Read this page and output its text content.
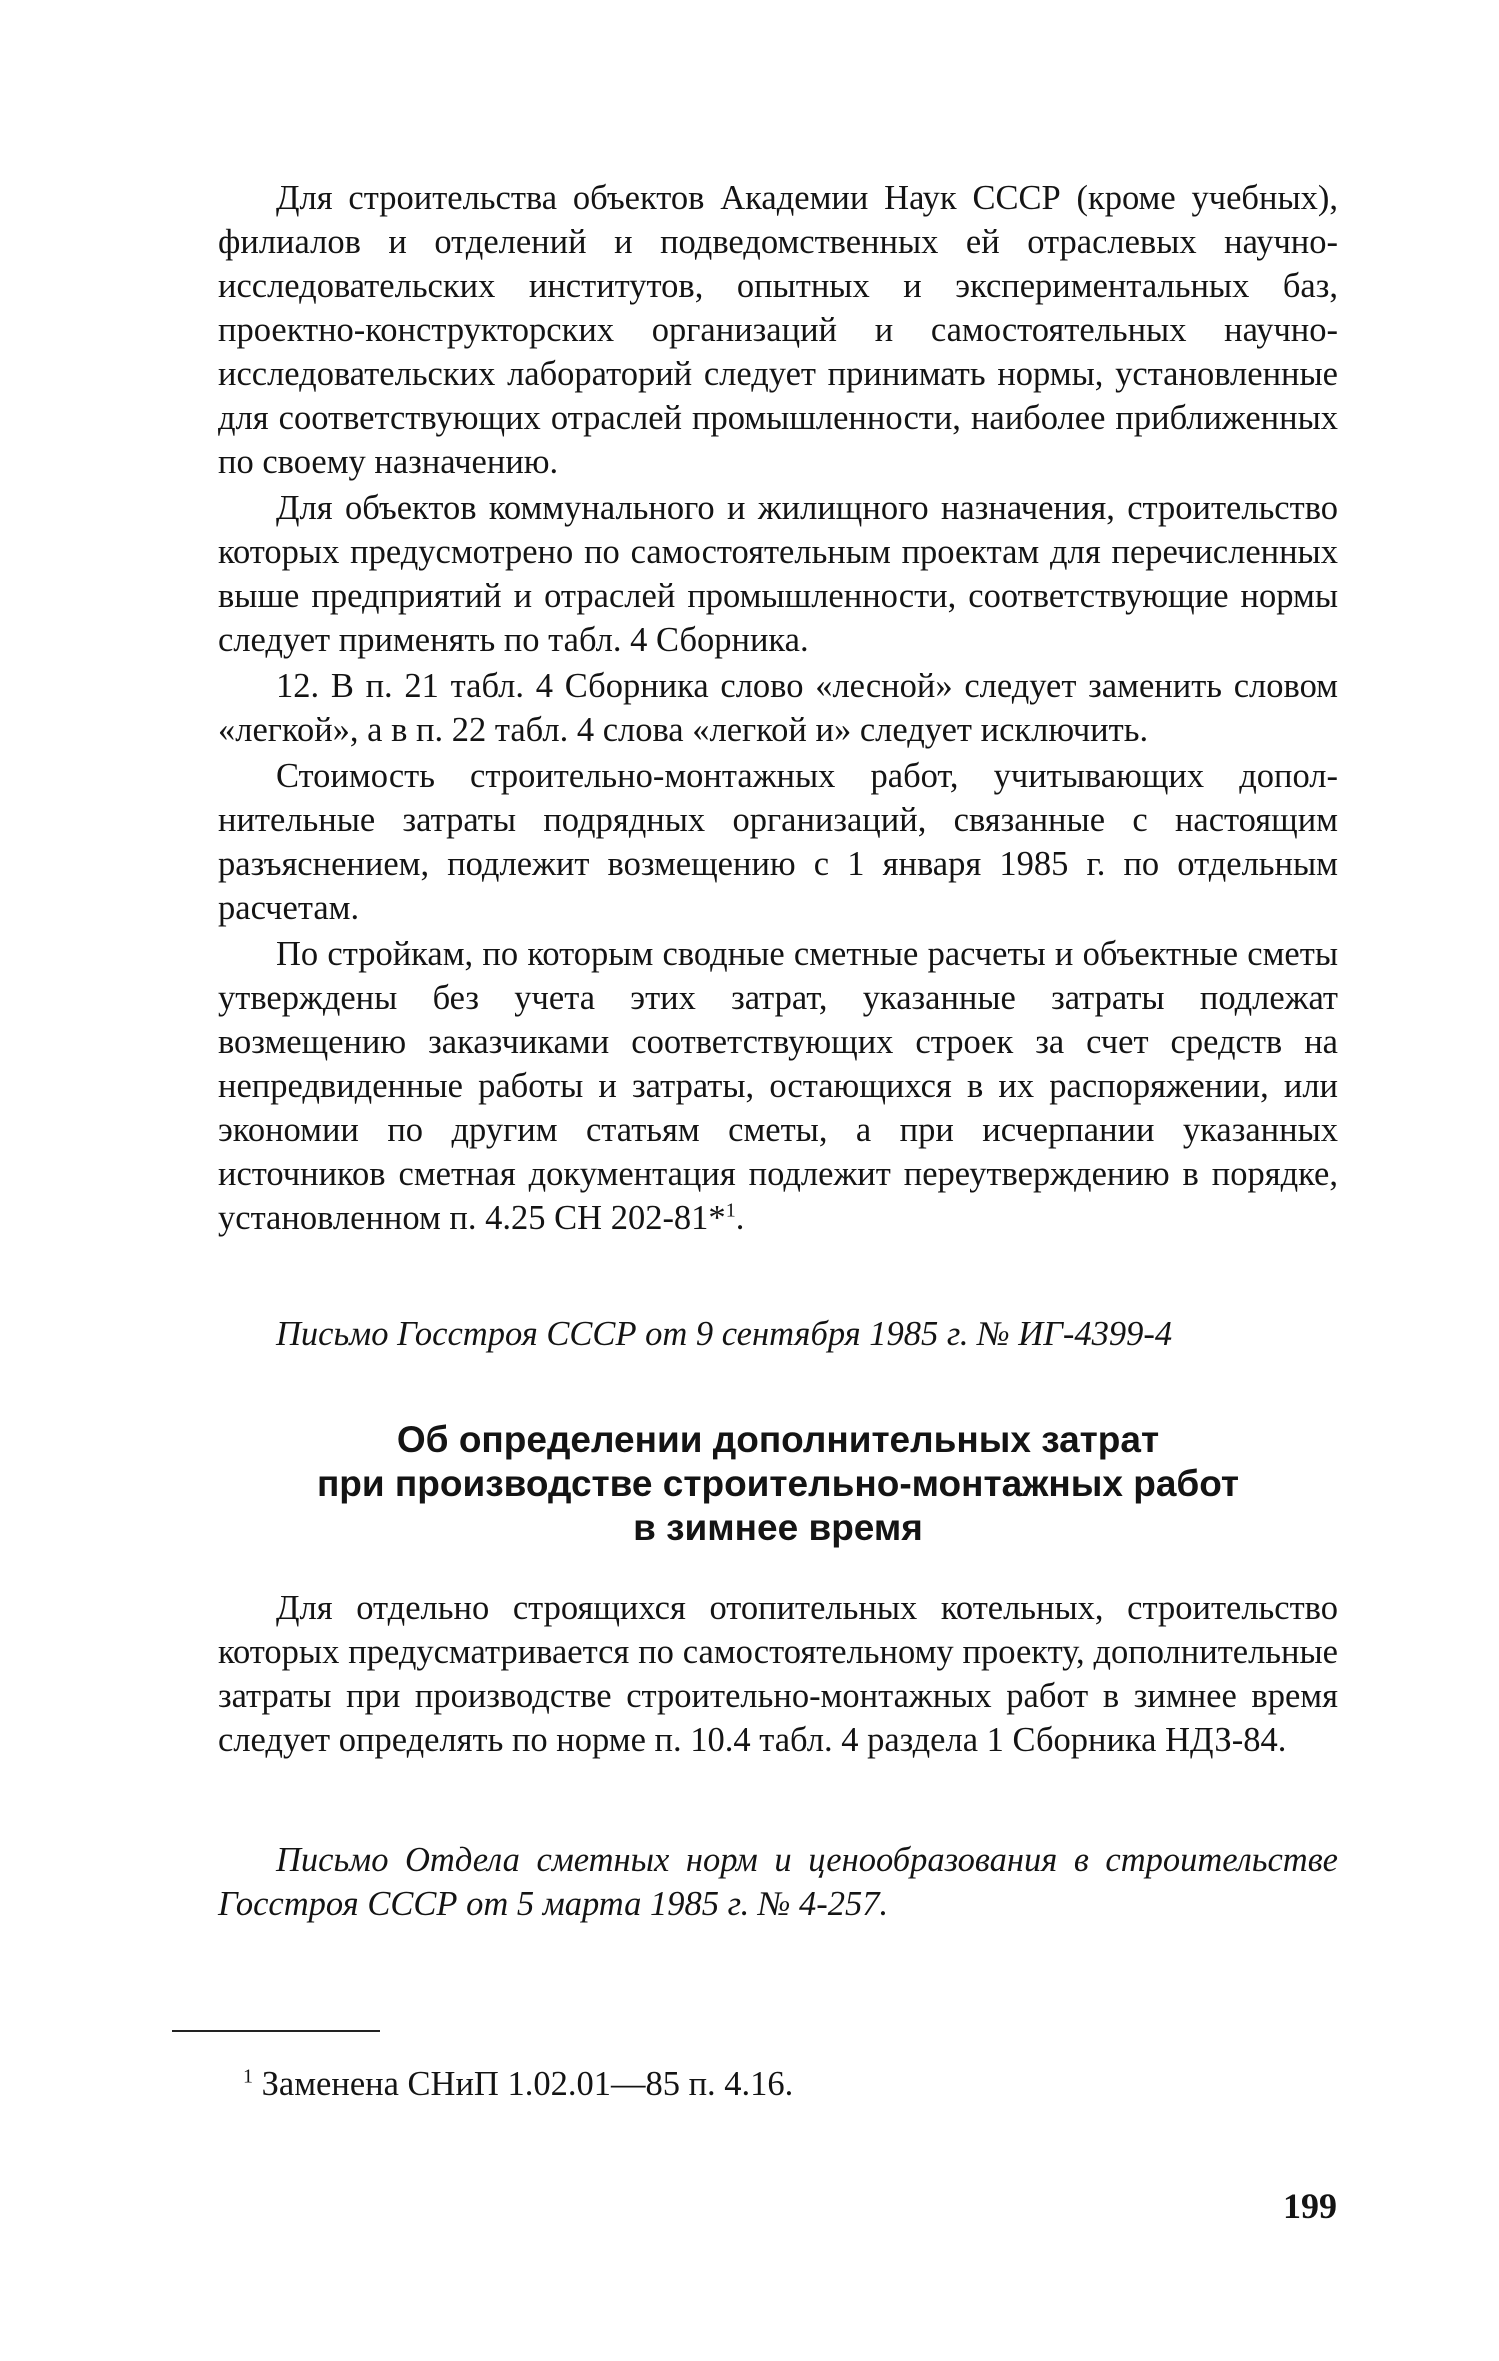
Для строительства объектов Академии Наук СССР (кроме учебных), филиалов и отделений и подведомственных ей отраслевых научно-исследовательских институтов, опытных и экспериментальных баз, проектно-конструкторских организаций и самостоятельных научно-исследовательских лабораторий следует принимать нормы, установленные для соответствующих отраслей промышленности, наиболее приближенных по своему назначению.

Для объектов коммунального и жилищного назначения, строительство которых предусмотрено по самостоятельным проектам для перечисленных выше предприятий и отраслей промышленности, соответствующие нормы следует применять по табл. 4 Сборника.

12. В п. 21 табл. 4 Сборника слово «лесной» следует заменить словом «легкой», а в п. 22 табл. 4 слова «легкой и» следует исключить.

Стоимость строительно-монтажных работ, учитывающих дополнительные затраты подрядных организаций, связанные с настоящим разъяснением, подлежит возмещению с 1 января 1985 г. по отдельным расчетам.

По стройкам, по которым сводные сметные расчеты и объектные сметы утверждены без учета этих затрат, указанные затраты подлежат возмещению заказчиками соответствующих строек за счет средств на непредвиденные работы и затраты, остающихся в их распоряжении, или экономии по другим статьям сметы, а при исчерпании указанных источников сметная документация подлежит переутверждению в порядке, установленном п. 4.25 СН 202-81*$^1$.

Письмо Госстроя СССР от 9 сентября 1985 г. № ИГ-4399-4

Об определении дополнительных затрат
при производстве строительно-монтажных работ
в зимнее время

Для отдельно строящихся отопительных котельных, строительство которых предусматривается по самостоятельному проекту, дополнительные затраты при производстве строительно-монтажных работ в зимнее время следует определять по норме п. 10.4 табл. 4 раздела 1 Сборника НДЗ-84.

Письмо Отдела сметных норм и ценообразования в строительстве Госстроя СССР от 5 марта 1985 г. № 4-257.

$^1$ Заменена СНиП 1.02.01—85 п. 4.16.

199
